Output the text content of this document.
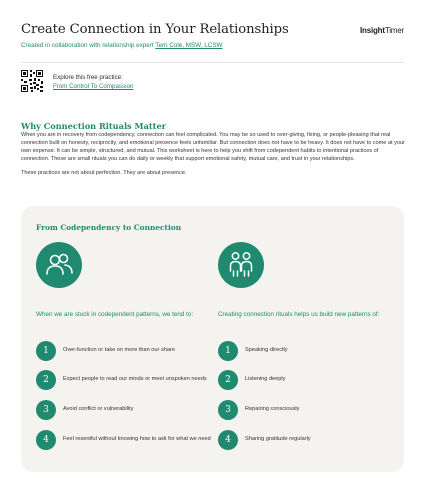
Create Connection in Your Relationships	InsightTimer
Created in collaboration with relationship expert Terri Cole, MSW, LCSW
Explore this free practice:
From Control To Compassion
Why Connection Rituals Matter

When you are in recovery from codependency, connection can feel complicated. You may be so used to over-giving, fixing, or people-pleasing that real connection built on honesty, reciprocity, and emotional presence feels unfamiliar. But connection does not have to be heavy. It does not have to come at your own expense. It can be simple, structured, and mutual. This worksheet is here to help you shift from codependent habits to intentional practices of connection. These are small rituals you can do daily or weekly that support emotional safety, mutual care, and trust in your relationships.

These practices are not about perfection. They are about presence.

From Codependency to Connection
When we are stuck in codependent patterns, we tend to:
1	Over-function or take on more than our share
2	Expect people to read our minds or meet unspoken needs
3	Avoid conflict or vulnerability
4	Feel resentful without knowing how to ask for what we need
Creating connection rituals helps us build new patterns of:
1	Speaking directly
2	Listening deeply
3	Repairing consciously
4	Sharing gratitude regularly
